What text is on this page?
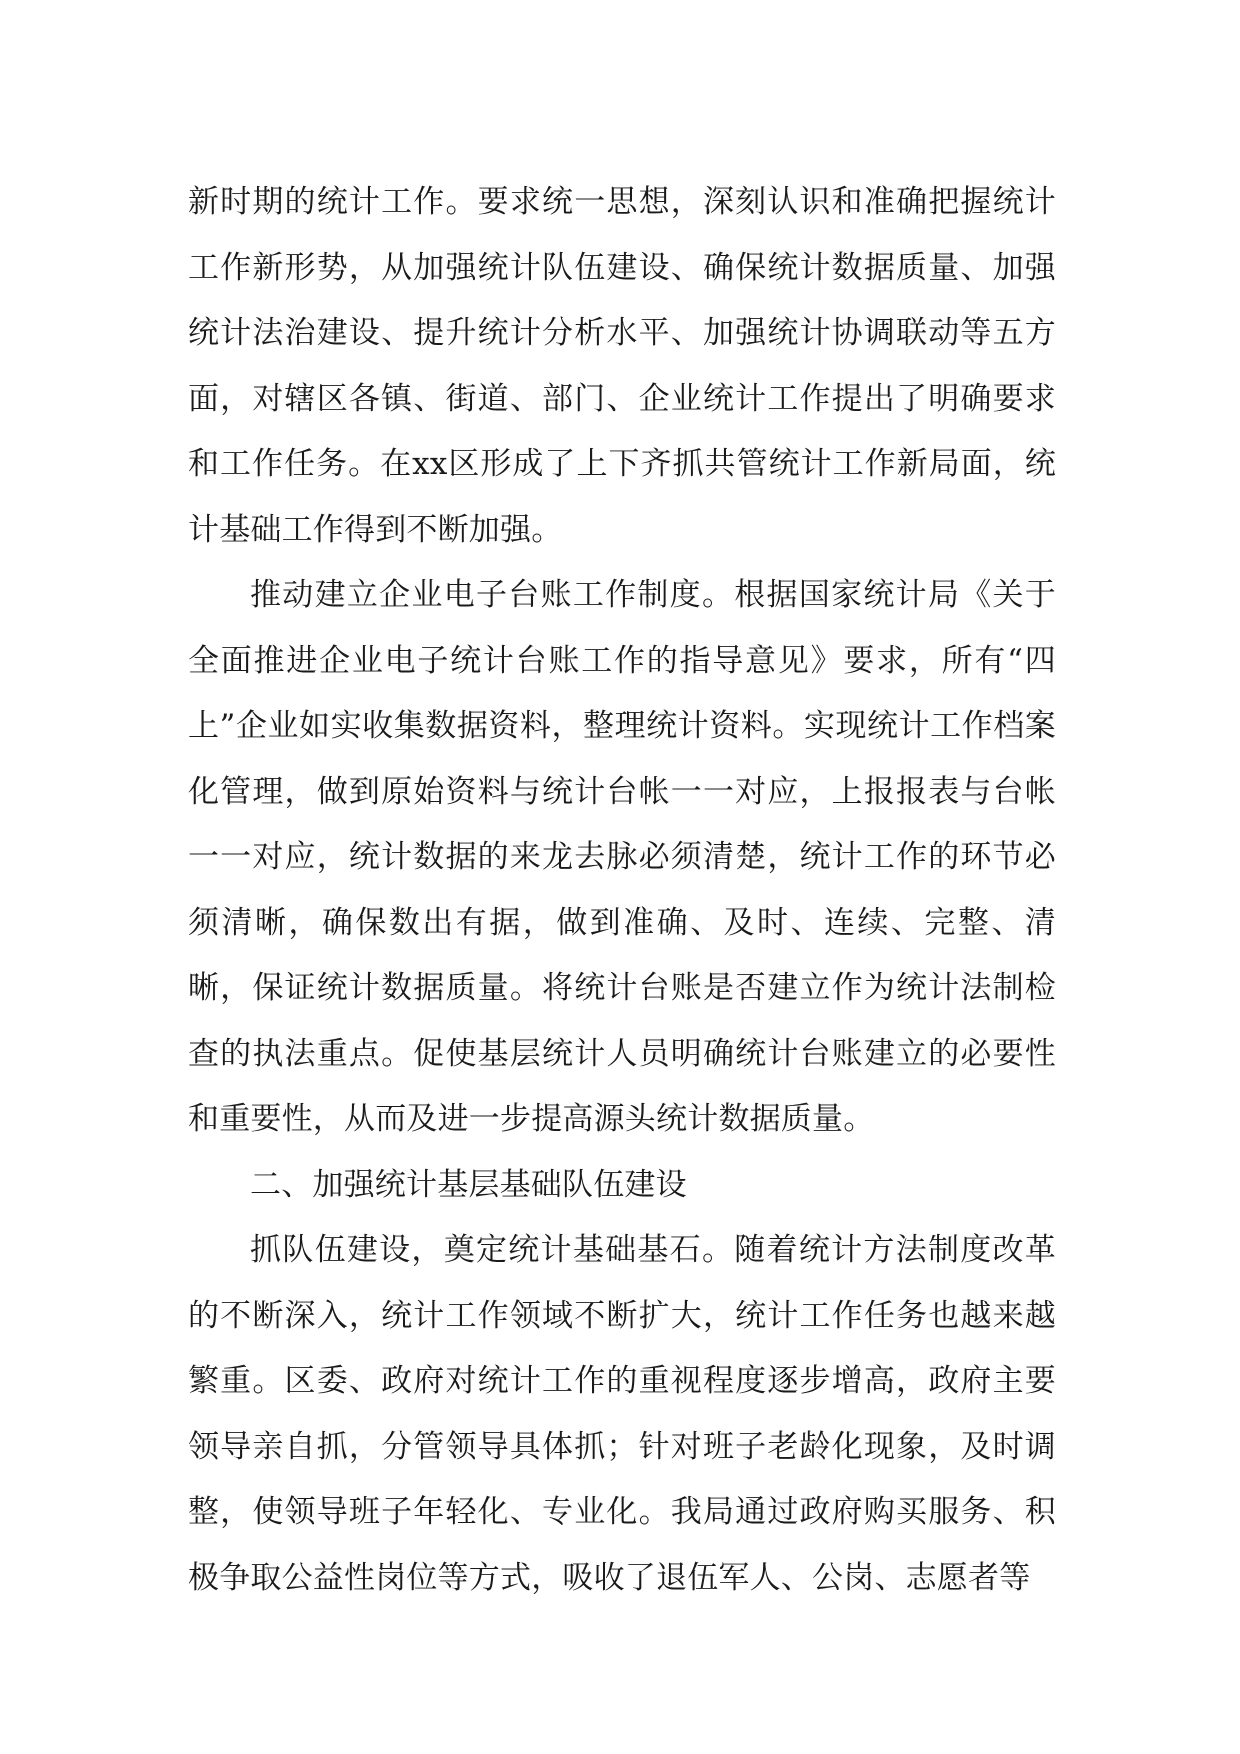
新时期的统计工作。要求统一思想，深刻认识和准确把握统计工作新形势，从加强统计队伍建设、确保统计数据质量、加强统计法治建设、提升统计分析水平、加强统计协调联动等五方面，对辖区各镇、街道、部门、企业统计工作提出了明确要求和工作任务。在xx区形成了上下齐抓共管统计工作新局面，统计基础工作得到不断加强。

推动建立企业电子台账工作制度。根据国家统计局《关于全面推进企业电子统计台账工作的指导意见》要求，所有“四上”企业如实收集数据资料，整理统计资料。实现统计工作档案化管理，做到原始资料与统计台帐一一对应，上报报表与台帐一一对应，统计数据的来龙去脉必须清楚，统计工作的环节必须清晰，确保数出有据，做到准确、及时、连续、完整、清晰，保证统计数据质量。将统计台账是否建立作为统计法制检查的执法重点。促使基层统计人员明确统计台账建立的必要性和重要性，从而及进一步提高源头统计数据质量。

二、加强统计基层基础队伍建设

抓队伍建设，奠定统计基础基石。随着统计方法制度改革的不断深入，统计工作领域不断扩大，统计工作任务也越来越繁重。区委、政府对统计工作的重视程度逐步增高，政府主要领导亲自抓，分管领导具体抓；针对班子老龄化现象，及时调整，使领导班子年轻化、专业化。我局通过政府购买服务、积极争取公益性岗位等方式，吸收了退伍军人、公岗、志愿者等
